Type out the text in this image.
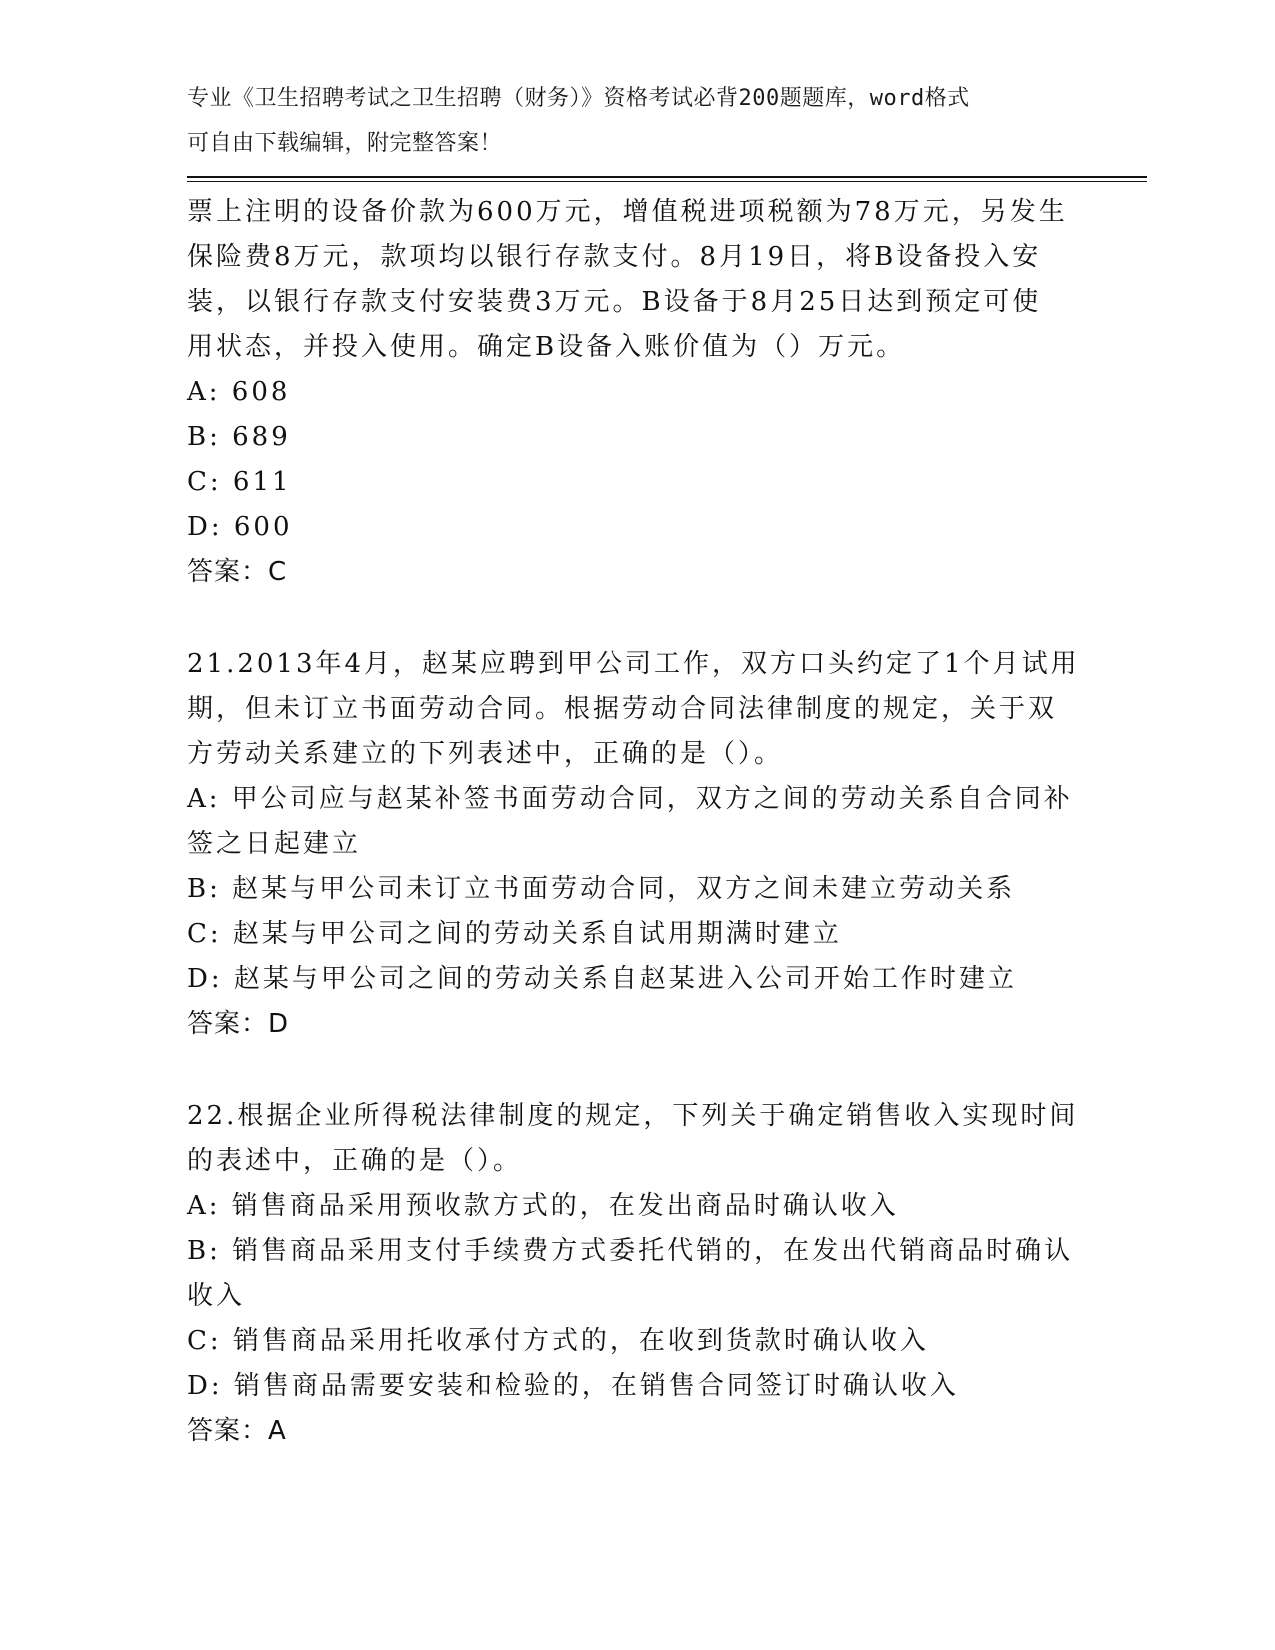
专业《卫生招聘考试之卫生招聘（财务）》资格考试必背200题题库，word格式
可自由下载编辑，附完整答案！
票上注明的设备价款为600万元，增值税进项税额为78万元，另发生
保险费8万元，款项均以银行存款支付。8月19日，将B设备投入安
装，以银行存款支付安装费3万元。B设备于8月25日达到预定可使
用状态，并投入使用。确定B设备入账价值为（）万元。
A: 608
B: 689
C: 611
D: 600
答案：C
21.2013年4月，赵某应聘到甲公司工作，双方口头约定了1个月试用
期，但未订立书面劳动合同。根据劳动合同法律制度的规定，关于双
方劳动关系建立的下列表述中，正确的是（）。
A: 甲公司应与赵某补签书面劳动合同，双方之间的劳动关系自合同补
签之日起建立
B: 赵某与甲公司未订立书面劳动合同，双方之间未建立劳动关系
C: 赵某与甲公司之间的劳动关系自试用期满时建立
D: 赵某与甲公司之间的劳动关系自赵某进入公司开始工作时建立
答案：D
22.根据企业所得税法律制度的规定，下列关于确定销售收入实现时间
的表述中，正确的是（）。
A: 销售商品采用预收款方式的，在发出商品时确认收入
B: 销售商品采用支付手续费方式委托代销的，在发出代销商品时确认
收入
C: 销售商品采用托收承付方式的，在收到货款时确认收入
D: 销售商品需要安装和检验的，在销售合同签订时确认收入
答案：A
